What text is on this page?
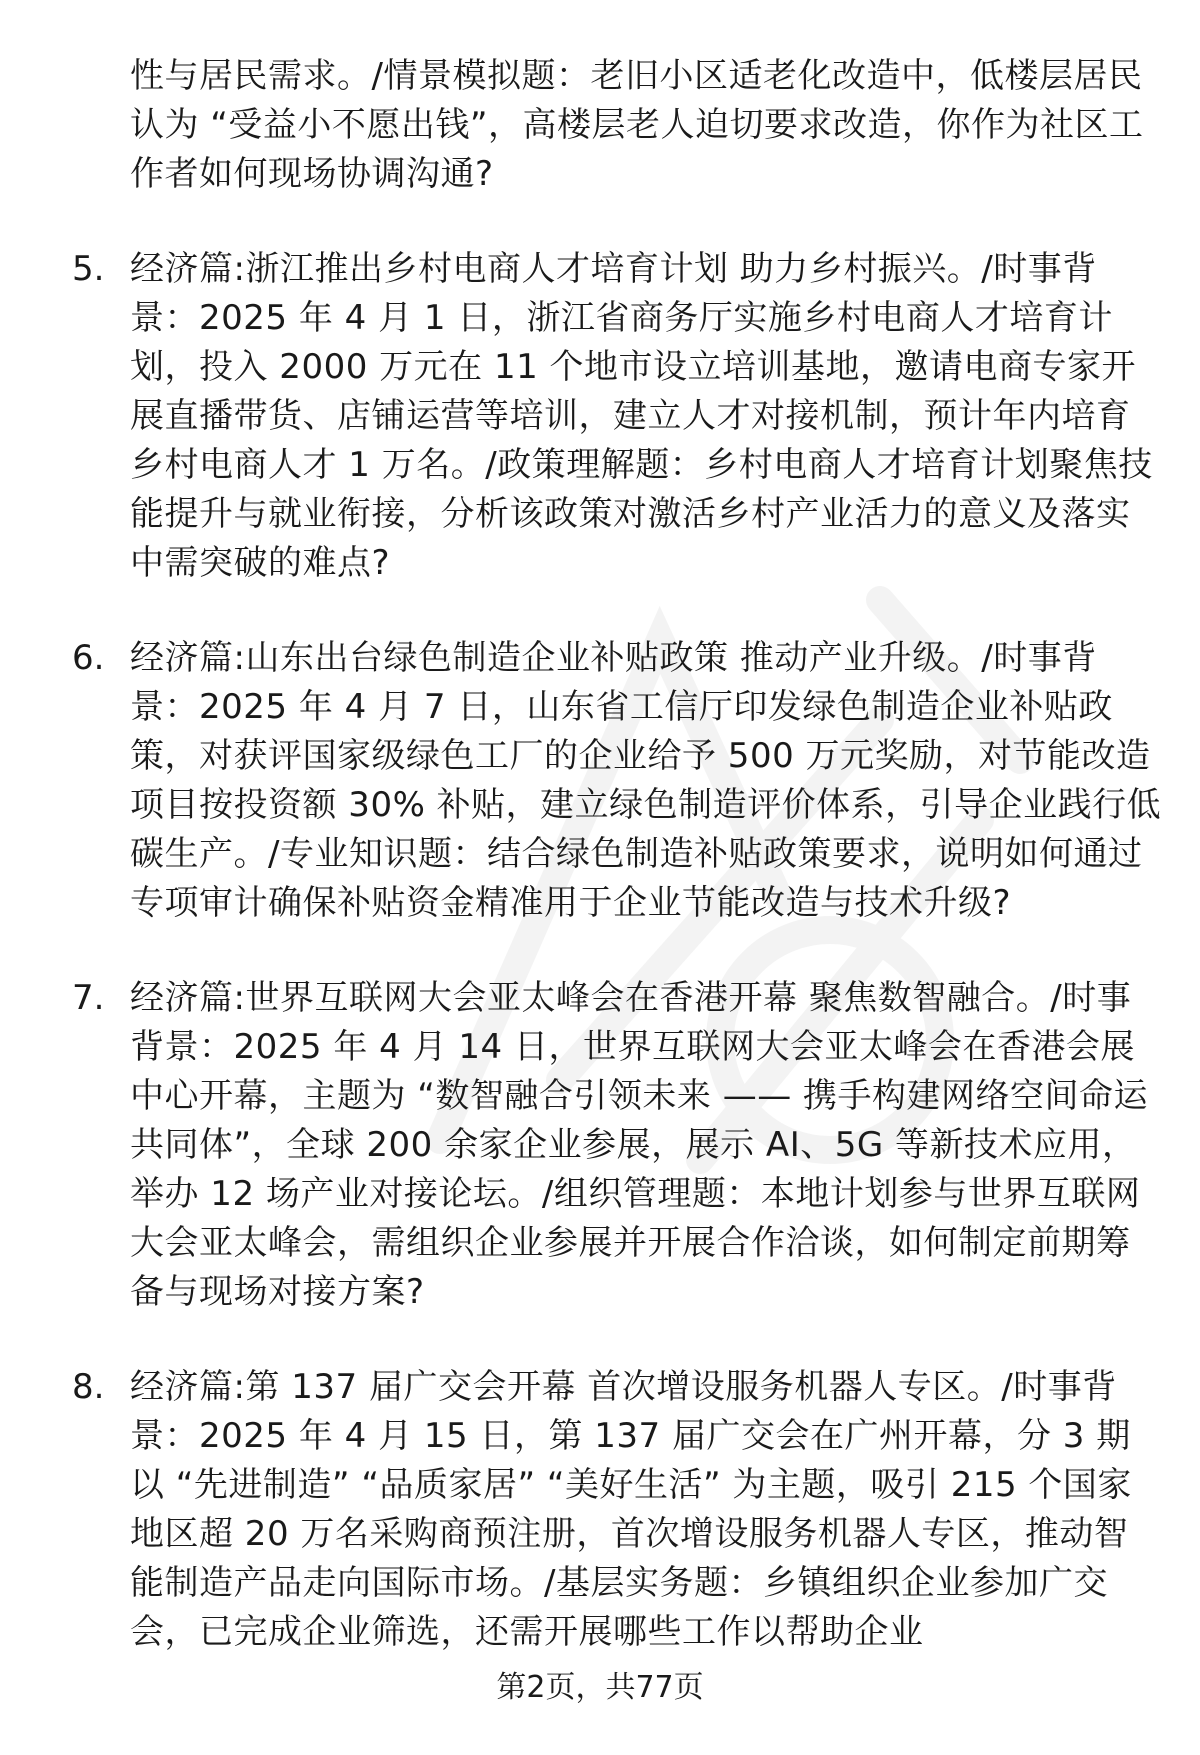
性与居民需求。/情景模拟题：老旧小区适老化改造中，低楼层居民认为 “受益小不愿出钱”，高楼层老人迫切要求改造，你作为社区工作者如何现场协调沟通?

5. 经济篇:浙江推出乡村电商人才培育计划 助力乡村振兴。/时事背景：2025 年 4 月 1 日，浙江省商务厅实施乡村电商人才培育计划，投入 2000 万元在 11 个地市设立培训基地，邀请电商专家开展直播带货、店铺运营等培训，建立人才对接机制，预计年内培育乡村电商人才 1 万名。/政策理解题：乡村电商人才培育计划聚焦技能提升与就业衔接，分析该政策对激活乡村产业活力的意义及落实中需突破的难点?
6. 经济篇:山东出台绿色制造企业补贴政策 推动产业升级。/时事背景：2025 年 4 月 7 日，山东省工信厅印发绿色制造企业补贴政策，对获评国家级绿色工厂的企业给予 500 万元奖励，对节能改造项目按投资额 30% 补贴，建立绿色制造评价体系，引导企业践行低碳生产。/专业知识题：结合绿色制造补贴政策要求，说明如何通过专项审计确保补贴资金精准用于企业节能改造与技术升级?
7. 经济篇:世界互联网大会亚太峰会在香港开幕 聚焦数智融合。/时事背景：2025 年 4 月 14 日，世界互联网大会亚太峰会在香港会展中心开幕，主题为 “数智融合引领未来 —— 携手构建网络空间命运共同体”，全球 200 余家企业参展，展示 AI、5G 等新技术应用，举办 12 场产业对接论坛。/组织管理题：本地计划参与世界互联网大会亚太峰会，需组织企业参展并开展合作洽谈，如何制定前期筹备与现场对接方案?
8. 经济篇:第 137 届广交会开幕 首次增设服务机器人专区。/时事背景：2025 年 4 月 15 日，第 137 届广交会在广州开幕，分 3 期以 “先进制造” “品质家居” “美好生活” 为主题，吸引 215 个国家地区超 20 万名采购商预注册，首次增设服务机器人专区，推动智能制造产品走向国际市场。/基层实务题：乡镇组织企业参加广交会，已完成企业筛选，还需开展哪些工作以帮助企业
第2页，共77页
